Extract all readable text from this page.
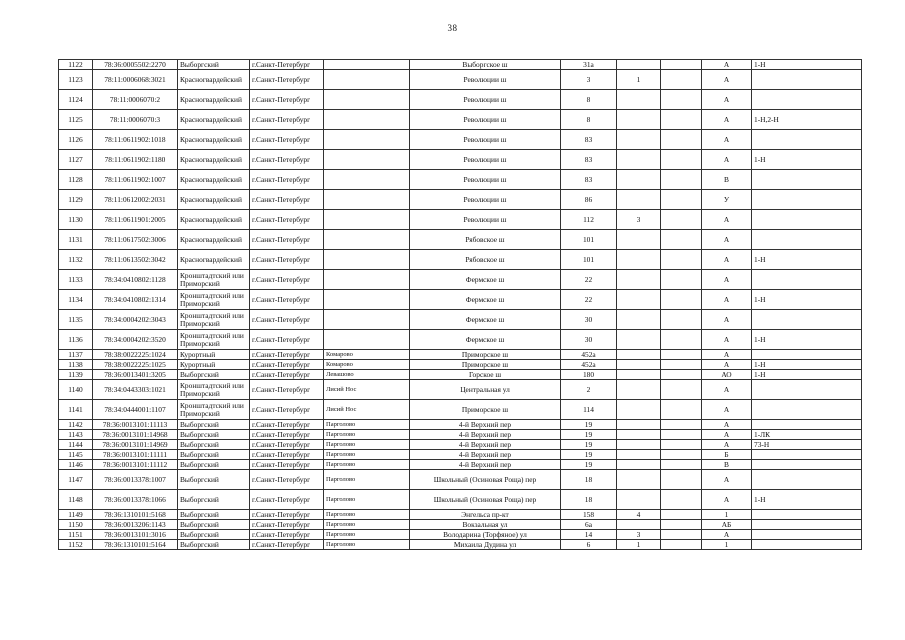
38
1122	78:36:0005502:2270	Выборгский	г.Санкт-Петербург		Выборгское ш	31а			А	1-Н
1123	78:11:0006068:3021	Красногвардейский	г.Санкт-Петербург		Революции ш	3	1		А	
1124	78:11:0006070:2	Красногвардейский	г.Санкт-Петербург		Революции ш	8			А	
1125	78:11:0006070:3	Красногвардейский	г.Санкт-Петербург		Революции ш	8			А	1-Н,2-Н
1126	78:11:0611902:1018	Красногвардейский	г.Санкт-Петербург		Революции ш	83			А	
1127	78:11:0611902:1180	Красногвардейский	г.Санкт-Петербург		Революции ш	83			А	1-Н
1128	78:11:0611902:1007	Красногвардейский	г.Санкт-Петербург		Революции ш	83			В	
1129	78:11:0612002:2031	Красногвардейский	г.Санкт-Петербург		Революции ш	86			У	
1130	78:11:0611901:2005	Красногвардейский	г.Санкт-Петербург		Революции ш	112	3		А	
1131	78:11:0617502:3006	Красногвардейский	г.Санкт-Петербург		Рябовское ш	101			А	
1132	78:11:0613502:3042	Красногвардейский	г.Санкт-Петербург		Рябовское ш	101			А	1-Н
1133	78:34:0410802:1128	Кронштадтский или Приморский	г.Санкт-Петербург		Фермское ш	22			А	
1134	78:34:0410802:1314	Кронштадтский или Приморский	г.Санкт-Петербург		Фермское ш	22			А	1-Н
1135	78:34:0004202:3043	Кронштадтский или Приморский	г.Санкт-Петербург		Фермское ш	30			А	
1136	78:34:0004202:3520	Кронштадтский или Приморский	г.Санкт-Петербург		Фермское ш	30			А	1-Н
1137	78:38:0022225:1024	Курортный	г.Санкт-Петербург	Комарово	Приморское ш	452а			А	
1138	78:38:0022225:1025	Курортный	г.Санкт-Петербург	Комарово	Приморское ш	452а			А	1-Н
1139	78:36:0013401:3205	Выборгский	г.Санкт-Петербург	Левашово	Горское ш	180			АО	1-Н
1140	78:34:0443303:1021	Кронштадтский или Приморский	г.Санкт-Петербург	Лисий Нос	Центральная ул	2			А	
1141	78:34:0444001:1107	Кронштадтский или Приморский	г.Санкт-Петербург	Лисий Нос	Приморское ш	114			А	
1142	78:36:0013101:11113	Выборгский	г.Санкт-Петербург	Парголово	4-й Верхний пер	19			А	
1143	78:36:0013101:14968	Выборгский	г.Санкт-Петербург	Парголово	4-й Верхний пер	19			А	1-ЛК
1144	78:36:0013101:14969	Выборгский	г.Санкт-Петербург	Парголово	4-й Верхний пер	19			А	73-Н
1145	78:36:0013101:11111	Выборгский	г.Санкт-Петербург	Парголово	4-й Верхний пер	19			Б	
1146	78:36:0013101:11112	Выборгский	г.Санкт-Петербург	Парголово	4-й Верхний пер	19			В	
1147	78:36:0013378:1007	Выборгский	г.Санкт-Петербург	Парголово	Школьный (Осиновая Роща) пер	18			А	
1148	78:36:0013378:1066	Выборгский	г.Санкт-Петербург	Парголово	Школьный (Осиновая Роща) пер	18			А	1-Н
1149	78:36:1310101:5168	Выборгский	г.Санкт-Петербург	Парголово	Энгельса пр-кт	158	4		1	
1150	78:36:0013206:1143	Выборгский	г.Санкт-Петербург	Парголово	Вокзальная ул	6а			АБ	
1151	78:36:0013101:3016	Выборгский	г.Санкт-Петербург	Парголово	Володарина (Торфяное) ул	14	3		А	
1152	78:36:1310101:5164	Выборгский	г.Санкт-Петербург	Парголово	Михаила Дудина ул	6	1		1	
